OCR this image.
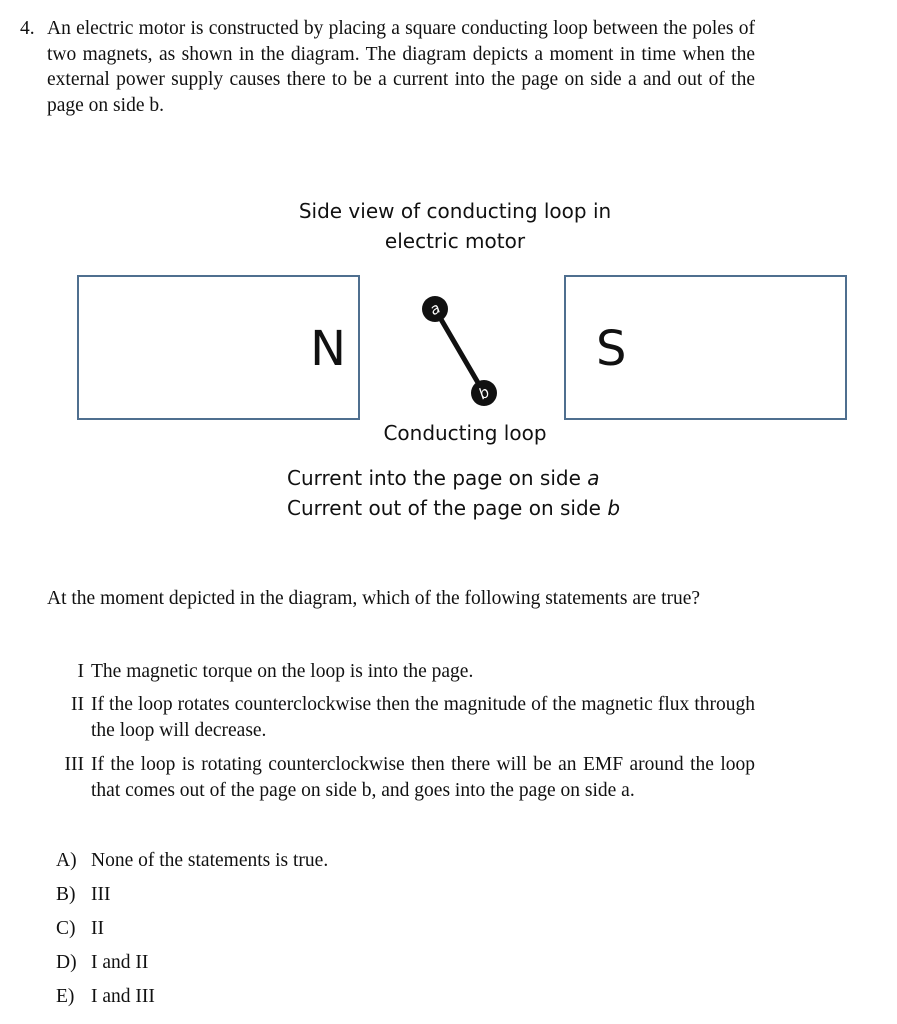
4. An electric motor is constructed by placing a square conducting loop between the poles of two magnets, as shown in the diagram. The diagram depicts a moment in time when the external power supply causes there to be a current into the page on side a and out of the page on side b.
Side view of conducting loop in
electric motor
N	S
a
b
Conducting loop
Current into the page on side a
Current out of the page on side b
At the moment depicted in the diagram, which of the following statements are true?
I The magnetic torque on the loop is into the page.
II If the loop rotates counterclockwise then the magnitude of the magnetic flux through the loop will decrease.
III If the loop is rotating counterclockwise then there will be an EMF around the loop that comes out of the page on side b, and goes into the page on side a.
A) None of the statements is true.
B) III
C) II
D) I and II
E) I and III
